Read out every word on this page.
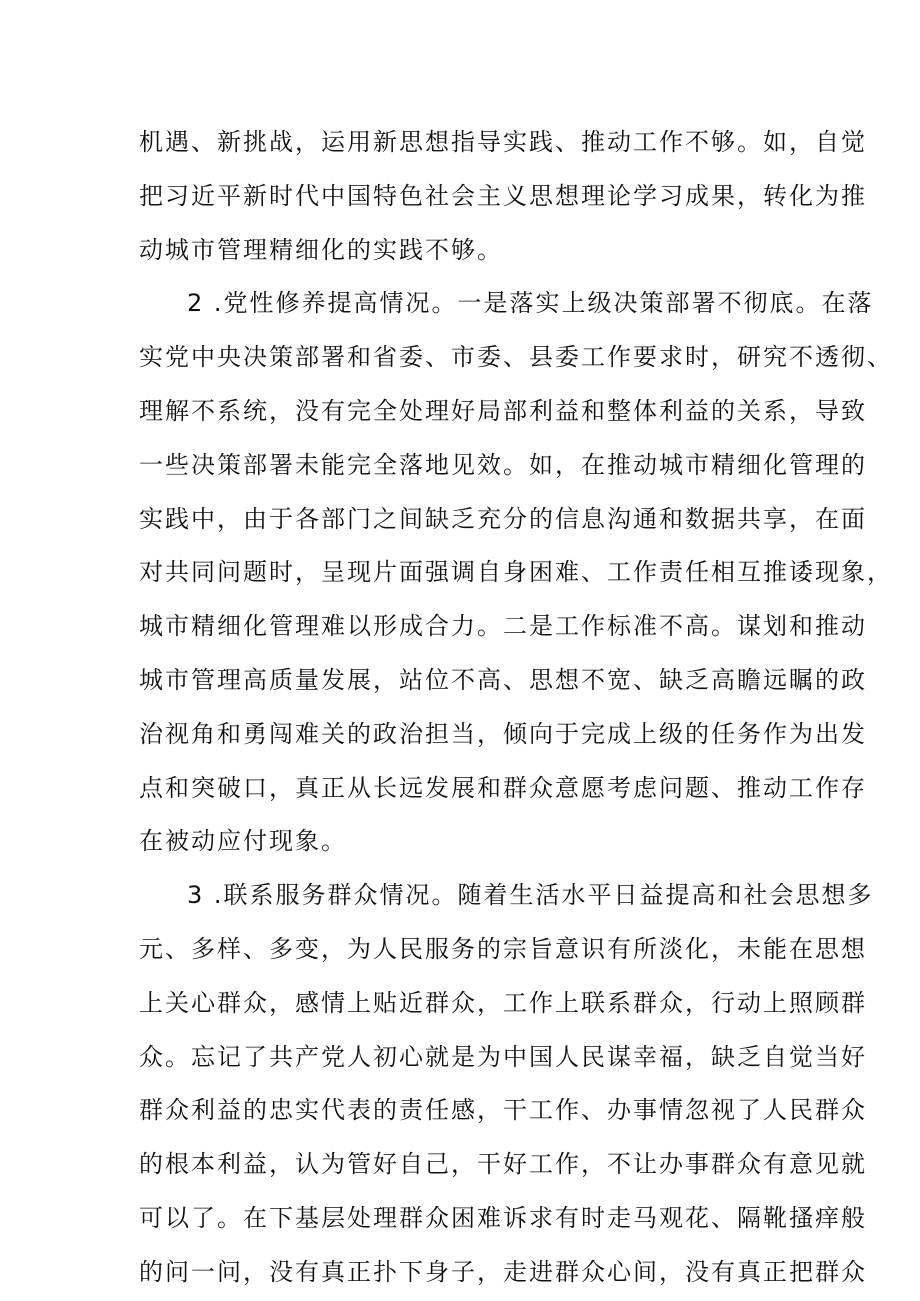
机遇、新挑战，运用新思想指导实践、推动工作不够。如，自觉
把习近平新时代中国特色社会主义思想理论学习成果，转化为推
动城市管理精细化的实践不够。
2 .党性修养提高情况。一是落实上级决策部署不彻底。在落
实党中央决策部署和省委、市委、县委工作要求时，研究不透彻、
理解不系统，没有完全处理好局部利益和整体利益的关系，导致
一些决策部署未能完全落地见效。如，在推动城市精细化管理的
实践中，由于各部门之间缺乏充分的信息沟通和数据共享，在面
对共同问题时，呈现片面强调自身困难、工作责任相互推诿现象，
城市精细化管理难以形成合力。二是工作标准不高。谋划和推动
城市管理高质量发展，站位不高、思想不宽、缺乏高瞻远瞩的政
治视角和勇闯难关的政治担当，倾向于完成上级的任务作为出发
点和突破口，真正从长远发展和群众意愿考虑问题、推动工作存
在被动应付现象。
3 .联系服务群众情况。随着生活水平日益提高和社会思想多
元、多样、多变，为人民服务的宗旨意识有所淡化，未能在思想
上关心群众，感情上贴近群众，工作上联系群众，行动上照顾群
众。忘记了共产党人初心就是为中国人民谋幸福，缺乏自觉当好
群众利益的忠实代表的责任感，干工作、办事情忽视了人民群众
的根本利益，认为管好自己，干好工作，不让办事群众有意见就
可以了。在下基层处理群众困难诉求有时走马观花、隔靴搔痒般
的问一问，没有真正扑下身子，走进群众心间，没有真正把群众
